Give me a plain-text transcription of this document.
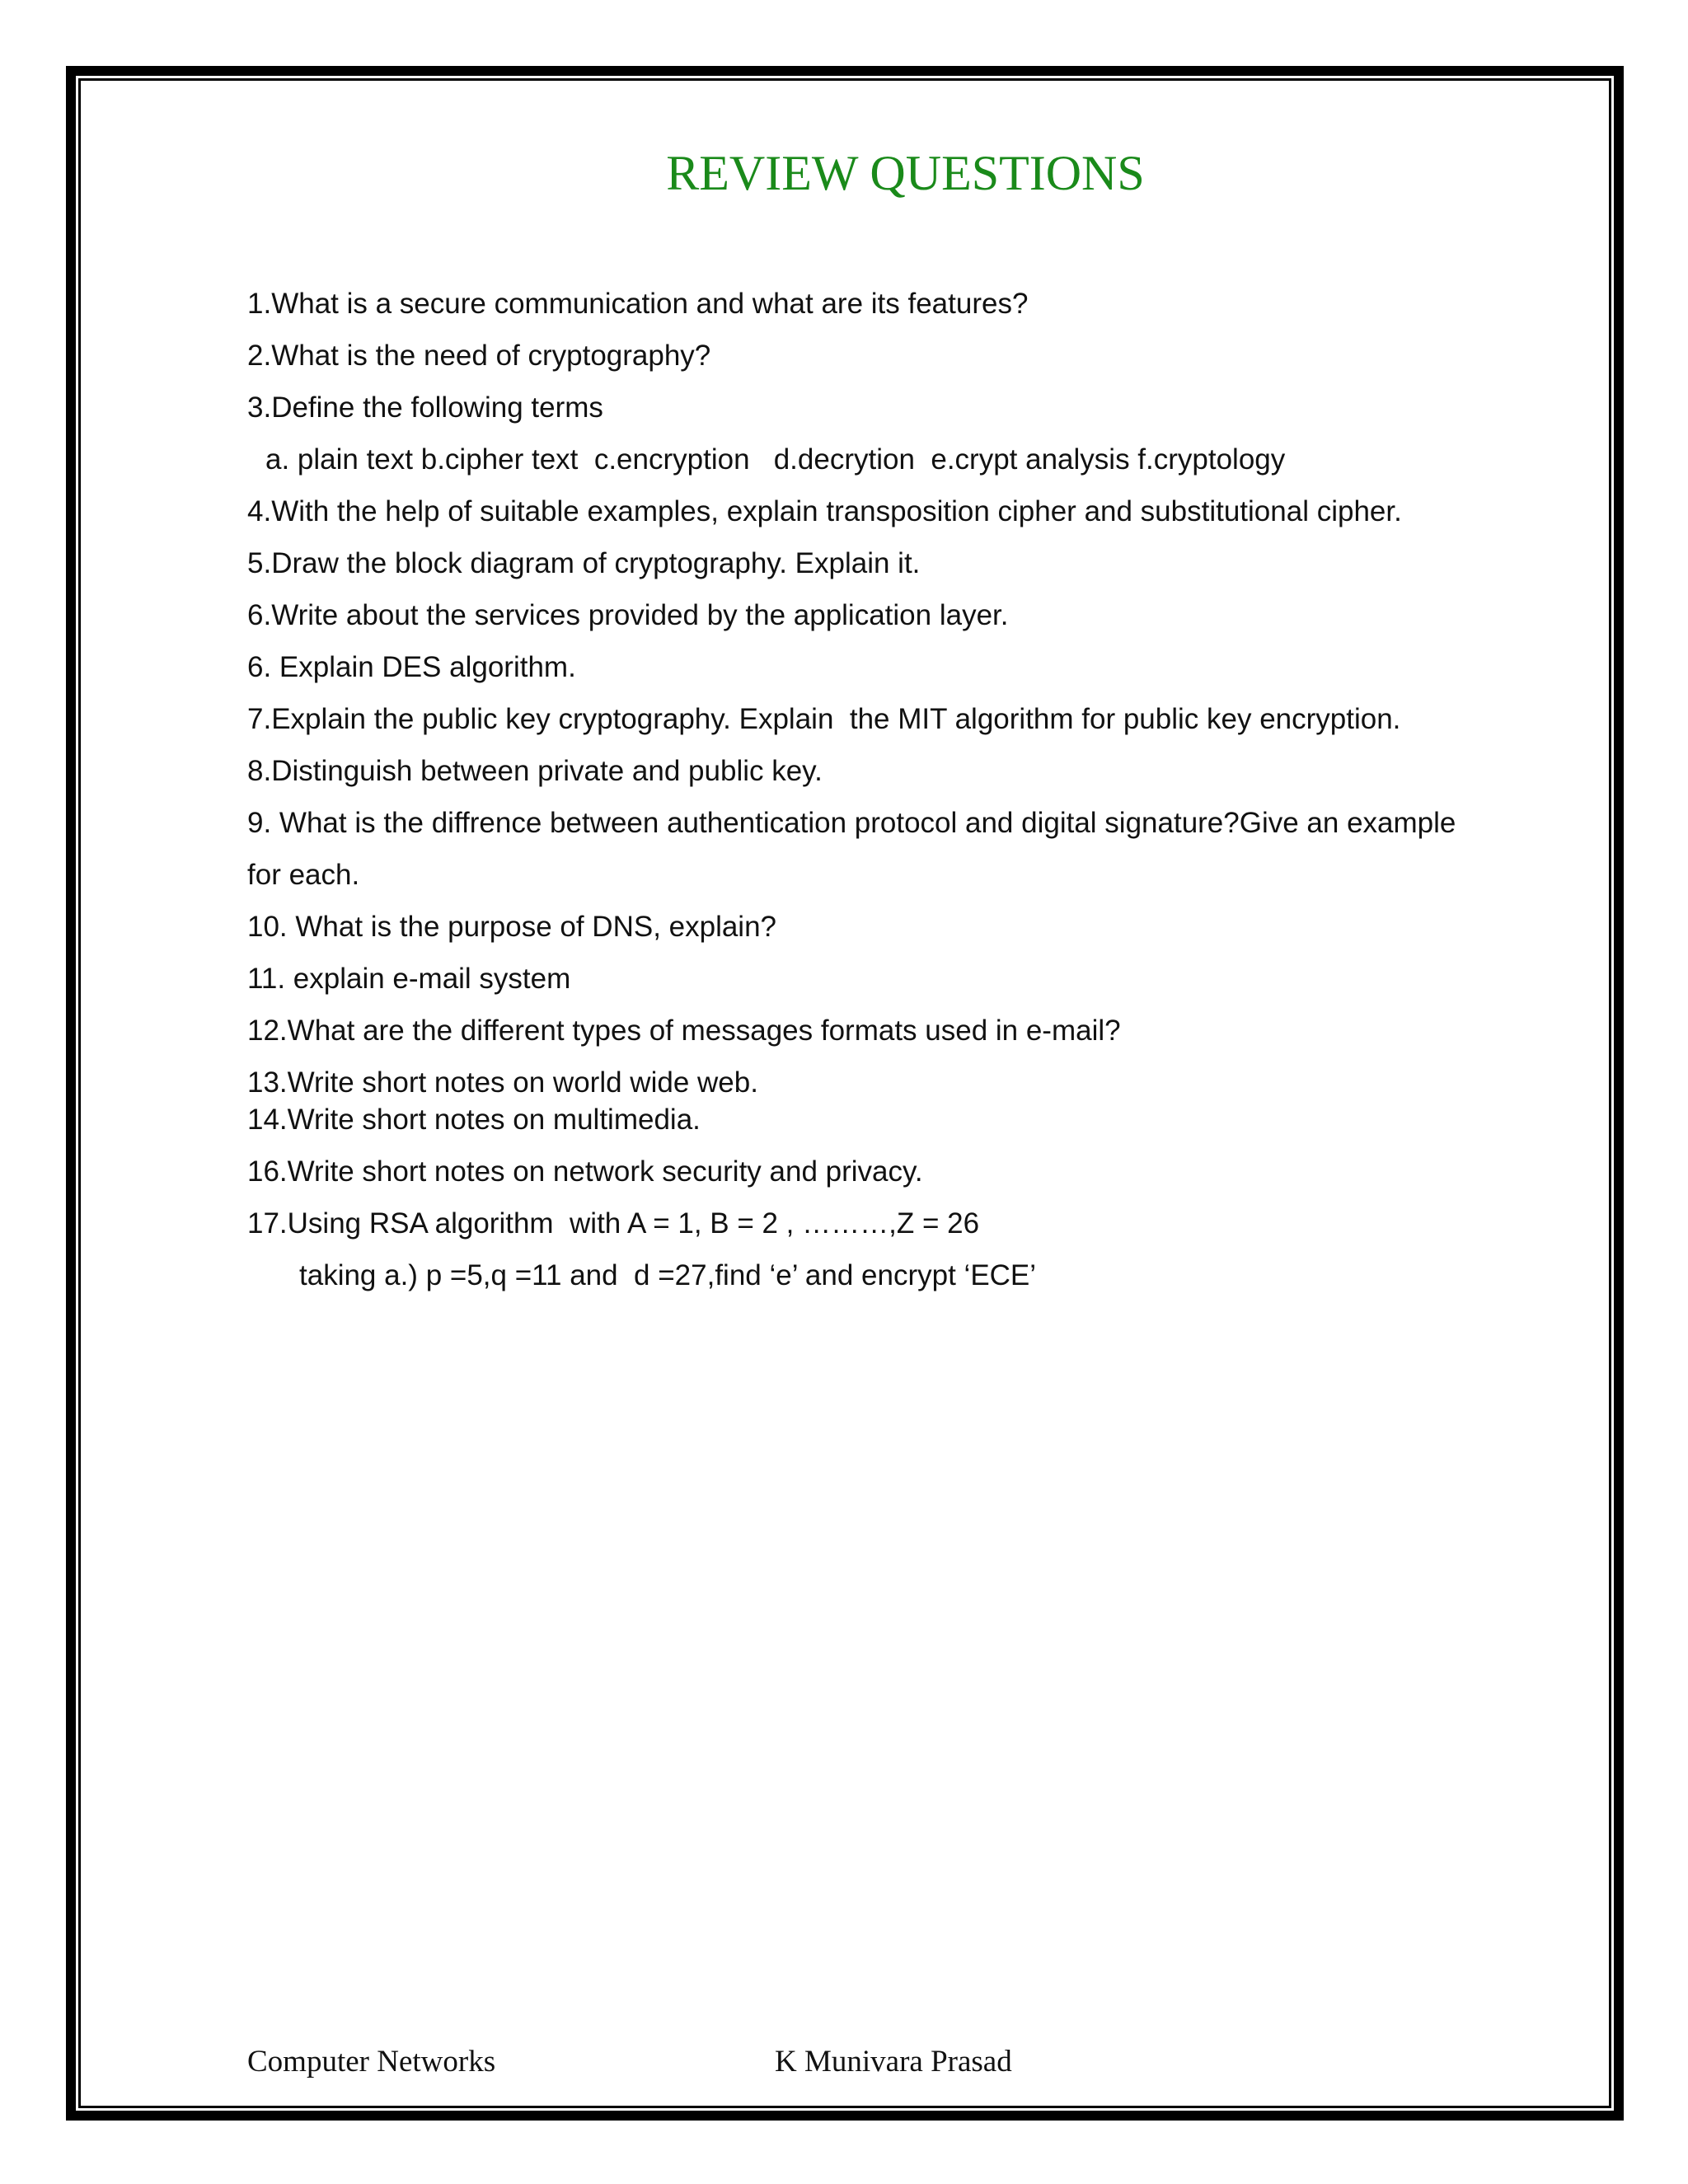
REVIEW QUESTIONS
1.What is a secure communication and what are its features?
2.What is the need of cryptography?
3.Define the following terms
a. plain text b.cipher text  c.encryption   d.decrytion  e.crypt analysis f.cryptology
4.With the help of suitable examples, explain transposition cipher and substitutional cipher.
5.Draw the block diagram of cryptography. Explain it.
6.Write about the services provided by the application layer.
6. Explain DES algorithm.
7.Explain the public key cryptography. Explain  the MIT algorithm for public key encryption.
8.Distinguish between private and public key.
9. What is the diffrence between authentication protocol and digital signature?Give an example
for each.
10. What is the purpose of DNS, explain?
11. explain e-mail system
12.What are the different types of messages formats used in e-mail?
13.Write short notes on world wide web.
14.Write short notes on multimedia.
16.Write short notes on network security and privacy.
17.Using RSA algorithm  with A = 1, B = 2 , ………,Z = 26
taking a.) p =5,q =11 and  d =27,find ‘e’ and encrypt ‘ECE’
Computer Networks	K Munivara Prasad
